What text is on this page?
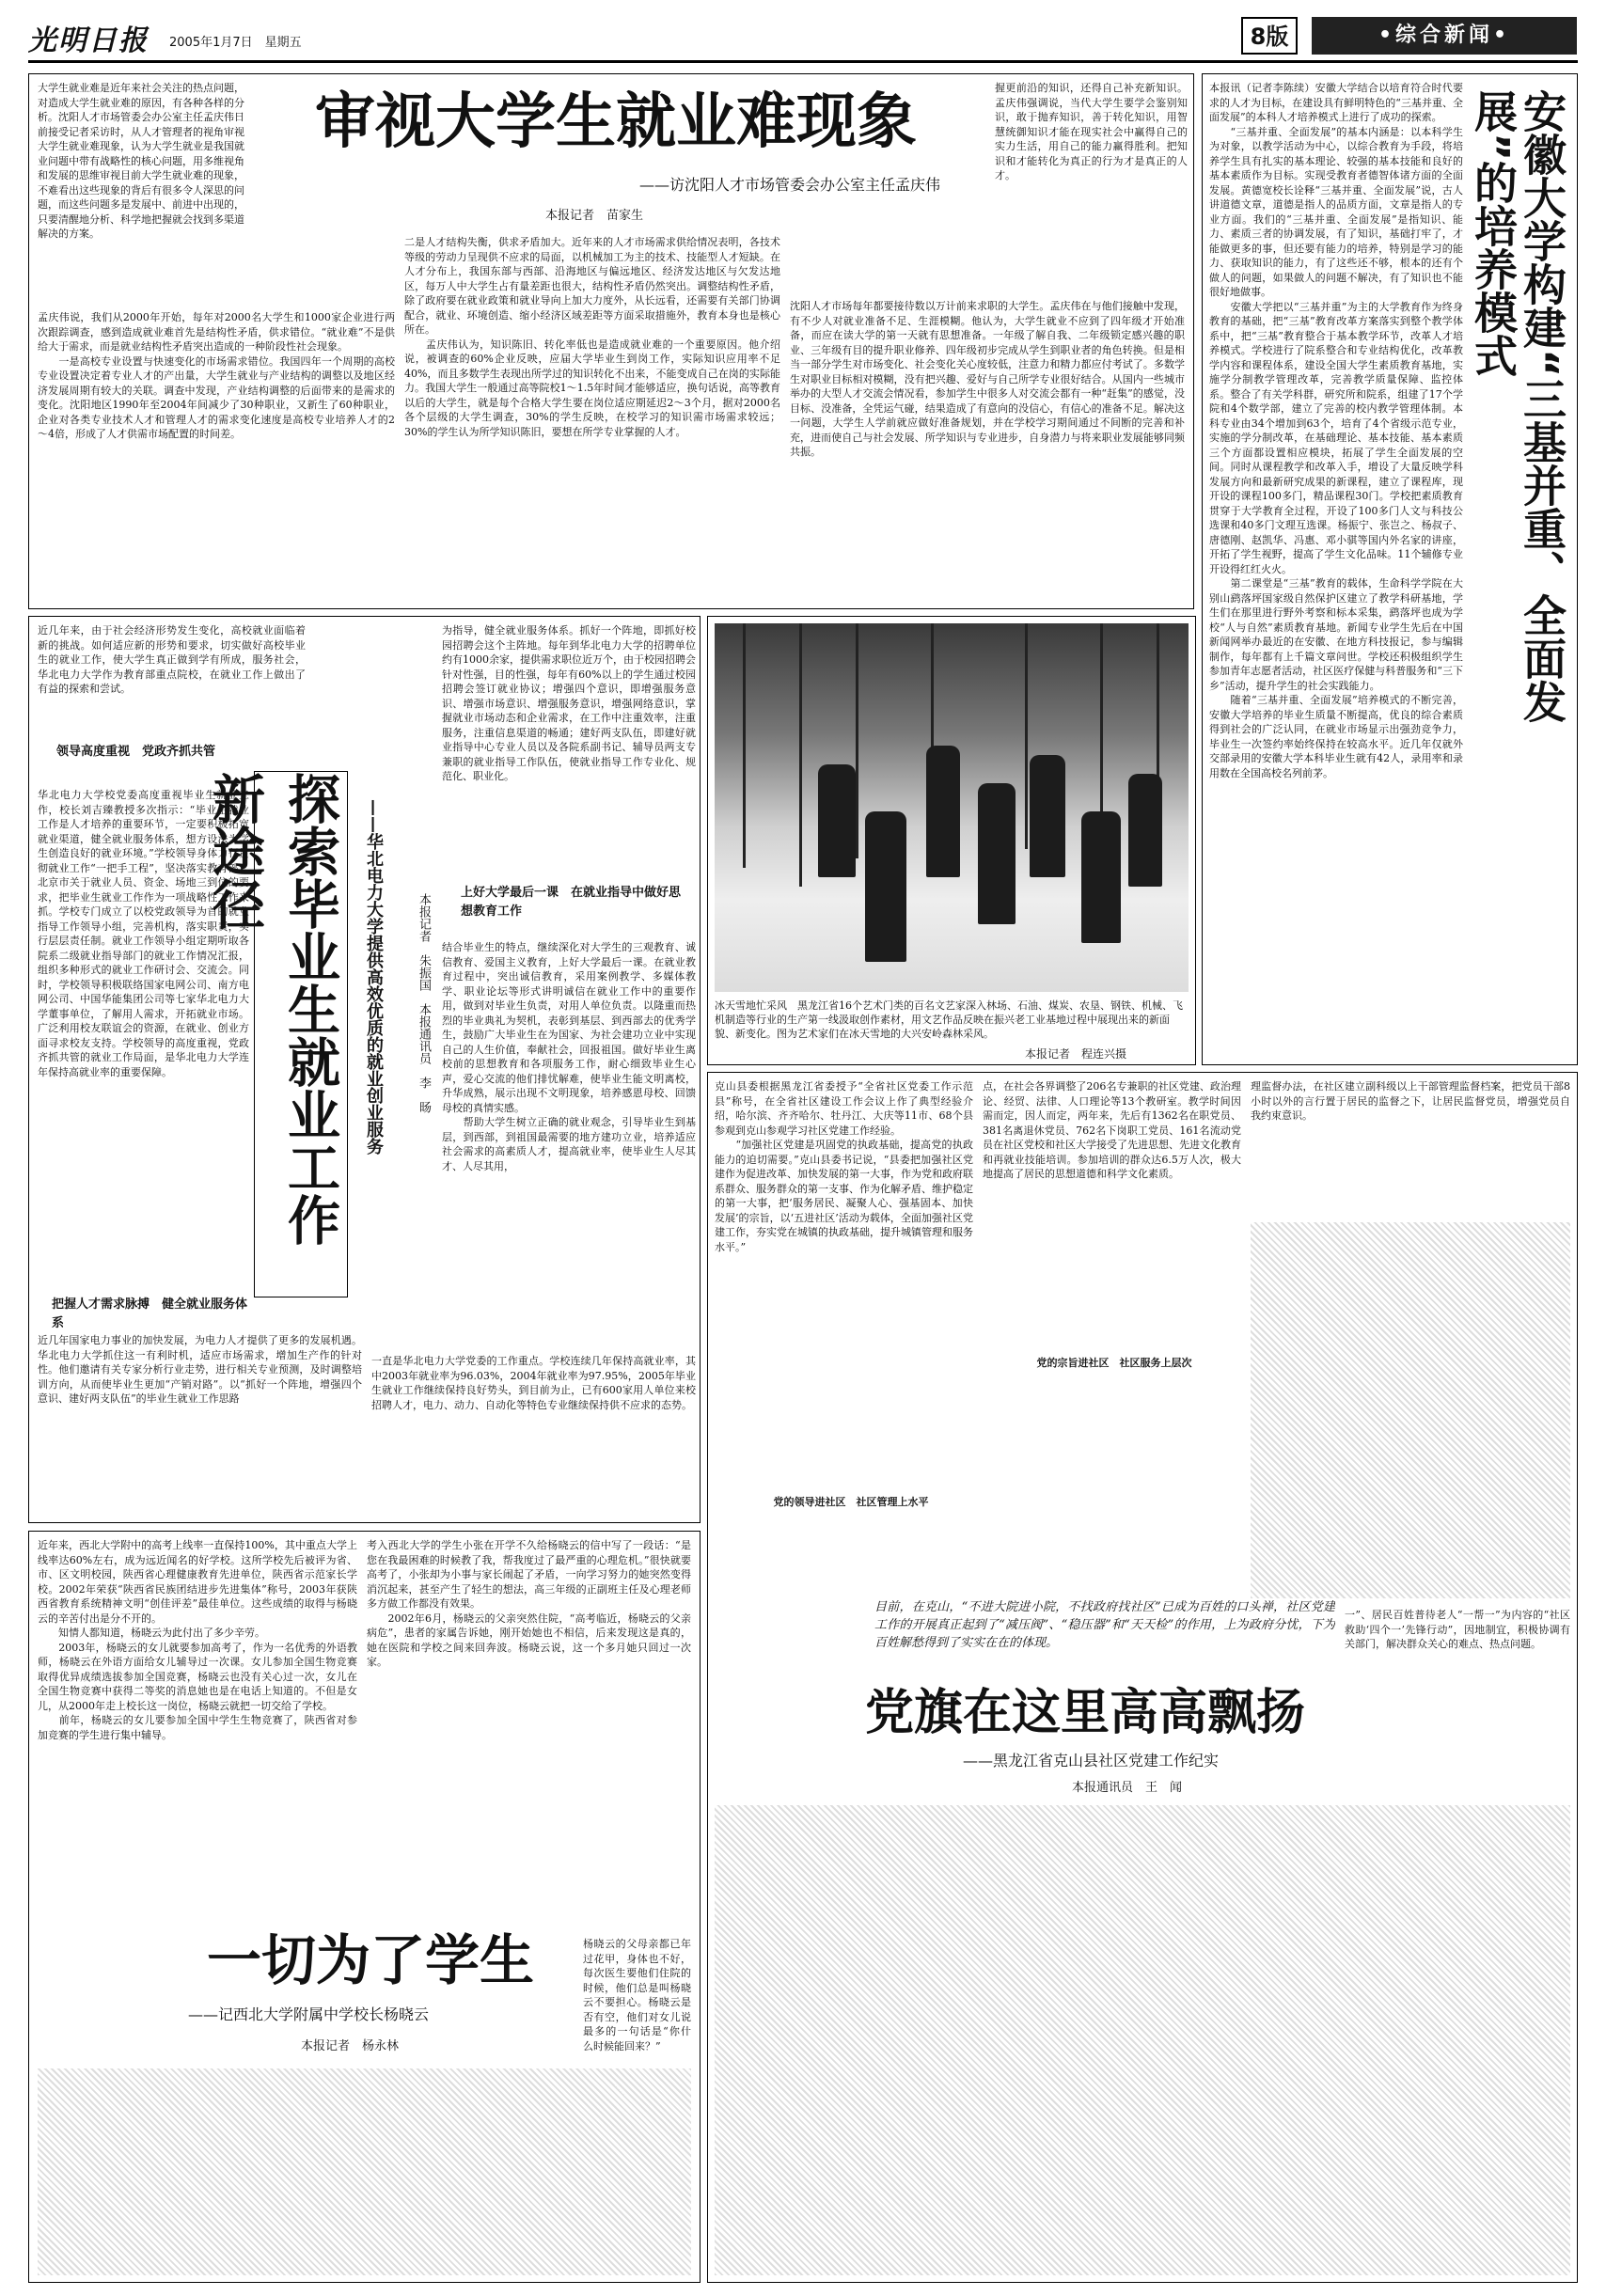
光明日报 2005年1月7日　 星期五	8版	•综合新闻•
大学生就业难是近年来社会关注的热点问题，对造成大学生就业难的原因，有各种各样的分析。沈阳人才市场管委会办公室主任孟庆伟日前接受记者采访时，从人才管理者的视角审视大学生就业难现象，认为大学生就业是我国就业问题中带有战略性的核心问题，用多维视角和发展的思维审视目前大学生就业难的现象，不难看出这些现象的背后有很多令人深思的问题，而这些问题多是发展中、前进中出现的，只要清醒地分析、科学地把握就会找到多渠道解决的方案。
审视大学生就业难现象
——访沈阳人才市场管委会办公室主任孟庆伟
本报记者　苗家生
握更前沿的知识，还得自己补充新知识。孟庆伟强调说，当代大学生要学会鉴别知识，敢于抛弃知识，善于转化知识，用智慧统御知识才能在现实社会中赢得自己的实力生活，用自己的能力赢得胜利。把知识和才能转化为真正的行为才是真正的人才。
孟庆伟说，我们从2000年开始，每年对2000名大学生和1000家企业进行两次跟踪调查，感到造成就业难首先是结构性矛盾，供求错位。“就业难”不是供给大于需求，而是就业结构性矛盾突出造成的一种阶段性社会现象。
　　一是高校专业设置与快速变化的市场需求错位。我国四年一个周期的高校专业设置决定着专业人才的产出量，大学生就业与产业结构的调整以及地区经济发展周期有较大的关联。调查中发现，产业结构调整的后面带来的是需求的变化。沈阳地区1990年至2004年间减少了30种职业，又新生了60种职业，企业对各类专业技术人才和管理人才的需求变化速度是高校专业培养人才的2～4倍，形成了人才供需市场配置的时间差。
二是人才结构失衡，供求矛盾加大。近年来的人才市场需求供给情况表明，各技术等级的劳动力呈现供不应求的局面，以机械加工为主的技术、技能型人才短缺。在人才分布上，我国东部与西部、沿海地区与偏远地区、经济发达地区与欠发达地区，每万人中大学生占有量差距也很大，结构性矛盾仍然突出。调整结构性矛盾，除了政府要在就业政策和就业导向上加大力度外，从长远看，还需要有关部门协调配合，就业、环境创造、缩小经济区域差距等方面采取措施外，教育本身也是核心所在。
　　孟庆伟认为，知识陈旧、转化率低也是造成就业难的一个重要原因。他介绍说，被调查的60%企业反映，应届大学毕业生到岗工作，实际知识应用率不足40%，而且多数学生表现出所学过的知识转化不出来，不能变成自己在岗的实际能力。我国大学生一般通过高等院校1～1.5年时间才能够适应，换句话说，高等教育以后的大学生，就是每个合格大学生要在岗位适应期延迟2～3个月，据对2000名各个层级的大学生调查，30%的学生反映，在校学习的知识需市场需求较远；30%的学生认为所学知识陈旧，要想在所学专业掌握的人才。
沈阳人才市场每年都要接待数以万计前来求职的大学生。孟庆伟在与他们接触中发现，有不少人对就业准备不足、生涯模糊。他认为，大学生就业不应到了四年级才开始准备，而应在读大学的第一天就有思想准备。一年级了解自我、二年级锁定感兴趣的职业、三年级有目的提升职业修养、四年级初步完成从学生到职业者的角色转换。但是相当一部分学生对市场变化、社会变化关心度较低，注意力和精力都应付考试了。多数学生对职业目标相对模糊，没有把兴趣、爱好与自己所学专业很好结合。从国内一些城市举办的大型人才交流会情况看，参加学生中很多人对交流会都有一种“赶集”的感觉，没目标、没准备，全凭运气碰，结果造成了有意向的没信心，有信心的准备不足。解决这一问题，大学生人学前就应做好准备规划，并在学校学习期间通过不间断的完善和补充，进而使自己与社会发展、所学知识与专业进步，自身潜力与将来职业发展能够同频共振。
本报讯（记者李陈续）安徽大学结合以培育符合时代要求的人才为目标，在建设具有鲜明特色的“三基并重、全面发展”的本科人才培养模式上进行了成功的探索。
　　“三基并重、全面发展”的基本内涵是：以本科学生为对象，以教学活动为中心，以综合教育为手段，将培养学生具有扎实的基本理论、较强的基本技能和良好的基本素质作为目标。实现受教育者德智体诸方面的全面发展。黄德宽校长诠释“三基并重、全面发展”说，古人讲道德文章，道德是指人的品质方面，文章是指人的专业方面。我们的“三基并重、全面发展”是指知识、能力、素质三者的协调发展，有了知识，基础打牢了，才能做更多的事，但还要有能力的培养，特别是学习的能力、获取知识的能力，有了这些还不够，根本的还有个做人的问题，如果做人的问题不解决，有了知识也不能很好地做事。
　　安徽大学把以“三基并重”为主的大学教育作为终身教育的基础，把“三基”教育改革方案落实到整个教学体系中，把“三基”教育整合于基本教学环节，改革人才培养模式。学校进行了院系整合和专业结构优化，改革教学内容和课程体系，建设全国大学生素质教育基地，实施学分制教学管理改革，完善教学质量保障、监控体系。整合了有关学科群，研究所和院系，组建了17个学院和4个数学部，建立了完善的校内教学管理体制。本科专业由34个增加到63个，培育了4个省级示范专业，实施的学分制改革，在基础理论、基本技能、基本素质三个方面都设置相应模块，拓展了学生全面发展的空间。同时从课程教学和改革入手，增设了大量反映学科发展方向和最新研究成果的新课程，建立了课程库，现开设的课程100多门，精品课程30门。学校把素质教育贯穿于大学教育全过程，开设了100多门人文与科技公选课和40多门文理互选课。杨振宁、张岂之、杨叔子、唐德刚、赵凯华、冯惠、邓小骐等国内外名家的讲座，开拓了学生视野，提高了学生文化品味。11个辅修专业开设得红红火火。
　　第二课堂是“三基”教育的载体，生命科学学院在大别山鹞落坪国家级自然保护区建立了教学科研基地，学生们在那里进行野外考察和标本采集，鹞落坪也成为学校“人与自然”素质教育基地。新闻专业学生先后在中国新闻网举办最近的在安徽、在地方科技报记，参与编辑制作，每年都有上千篇文章问世。学校还积极组织学生参加青年志愿者活动，社区医疗保健与科普服务和“三下乡”活动，提升学生的社会实践能力。
　　随着“三基并重、全面发展”培养模式的不断完善，安徽大学培养的毕业生质量不断提高，优良的综合素质得到社会的广泛认同，在就业市场显示出强劲竞争力，毕业生一次签约率始终保持在较高水平。近几年仅就外交部录用的安徽大学本科毕业生就有42人，录用率和录用数在全国高校名列前茅。
安徽大学构建“三基并重、全面发展”的培养模式
近几年来，由于社会经济形势发生变化，高校就业面临着新的挑战。如何适应新的形势和要求，切实做好高校毕业生的就业工作，使大学生真正做到学有所成，服务社会，华北电力大学作为教育部重点院校，在就业工作上做出了有益的探索和尝试。
领导高度重视　党政齐抓共管
华北电力大学校党委高度重视毕业生就业工作，校长刘吉臻教授多次指示：“毕业生就业工作是人才培养的重要环节，一定要积极拓宽就业渠道，健全就业服务体系，想方设法为学生创造良好的就业环境。”学校领导身体力行贯彻就业工作“一把手工程”，坚决落实教育部、北京市关于就业人员、资金、场地三到位的要求，把毕业生就业工作作为一项战略性工作来抓。学校专门成立了以校党政领导为首的就业指导工作领导小组，完善机构，落实职责，实行层层责任制。就业工作领导小组定期听取各院系二级就业指导部门的就业工作情况汇报，组织多种形式的就业工作研讨会、交流会。同时，学校领导积极联络国家电网公司、南方电网公司、中国华能集团公司等七家华北电力大学董事单位，了解用人需求，开拓就业市场。广泛利用校友联谊会的资源，在就业、创业方面寻求校友支持。学校领导的高度重视，党政齐抓共管的就业工作局面，是华北电力大学连年保持高就业率的重要保障。	探索毕业生就业工作新途径	——华北电力大学提供高效优质的就业创业服务	本报记者　朱振国　本报通讯员　李　旸
为指导，健全就业服务体系。抓好一个阵地，即抓好校园招聘会这个主阵地。每年到华北电力大学的招聘单位约有1000余家，提供需求职位近万个，由于校园招聘会针对性强，目的性强，每年有60%以上的学生通过校园招聘会签订就业协议；增强四个意识，即增强服务意识、增强市场意识、增强服务意识，增强网络意识，掌握就业市场动态和企业需求，在工作中注重效率，注重服务，注重信息渠道的畅通；建好两支队伍，即建好就业指导中心专业人员以及各院系副书记、辅导员两支专兼职的就业指导工作队伍，使就业指导工作专业化、规范化、职业化。
上好大学最后一课　在就业指导中做好思想教育工作
结合毕业生的特点，继续深化对大学生的三观教育、诚信教育、爱国主义教育，上好大学最后一课。在就业教育过程中，突出诚信教育，采用案例教学、多媒体教学、职业论坛等形式讲明诚信在就业工作中的重要作用，做到对毕业生负责，对用人单位负责。以隆重而热烈的毕业典礼为契机，表彰到基层、到西部去的优秀学生，鼓励广大毕业生在为国家、为社会建功立业中实现自己的人生价值，奉献社会，回报祖国。做好毕业生离校前的思想教育和各项服务工作，耐心细致毕业生心声，爱心交流的他们排忧解难，使毕业生能文明离校，升华成熟，展示出现不文明现象，培养感恩母校、回馈母校的真情实感。
　　帮助大学生树立正确的就业观念，引导毕业生到基层，到西部，到祖国最需要的地方建功立业，培养适应社会需求的高素质人才，提高就业率，使毕业生人尽其才、人尽其用，
把握人才需求脉搏　健全就业服务体系
近几年国家电力事业的加快发展，为电力人才提供了更多的发展机遇。华北电力大学抓住这一有利时机，适应市场需求，增加生产作的针对性。他们邀请有关专家分析行业走势，进行相关专业预测，及时调整培训方向，从而使毕业生更加“产销对路”。以“抓好一个阵地，增强四个意识、建好两支队伍”的毕业生就业工作思路
一直是华北电力大学党委的工作重点。学校连续几年保持高就业率，其中2003年就业率为96.03%，2004年就业率为97.95%，2005年毕业生就业工作继续保持良好势头，到目前为止，已有600家用人单位来校招聘人才，电力、动力、自动化等特色专业继续保持供不应求的态势。
冰天雪地忙采风　黑龙江省16个艺术门类的百名文艺家深入林场、石油、煤炭、农垦、钢铁、机械、飞机制造等行业的生产第一线汲取创作素材，用文艺作品反映在振兴老工业基地过程中展现出来的新面貌、新变化。图为艺术家们在冰天雪地的大兴安岭森林采风。
本报记者　程连兴摄
近年来，西北大学附中的高考上线率一直保持100%，其中重点大学上线率达60%左右，成为远近闻名的好学校。这所学校先后被评为省、市、区文明校园，陕西省心理健康教育先进单位，陕西省示范家长学校。2002年荣获“陕西省民族团结进步先进集体”称号，2003年获陕西省教育系统精神文明“创佳评差”最佳单位。这些成绩的取得与杨晓云的辛苦付出是分不开的。
　　知情人都知道，杨晓云为此付出了多少辛劳。
　　2003年，杨晓云的女儿就要参加高考了，作为一名优秀的外语教师，杨晓云在外语方面给女儿辅导过一次课。女儿参加全国生物竞赛取得优异成绩选拔参加全国竞赛，杨晓云也没有关心过一次，女儿在全国生物竞赛中获得二等奖的消息她也是在电话上知道的。不但是女儿，从2000年走上校长这一岗位，杨晓云就把一切交给了学校。
　　前年，杨晓云的女儿要参加全国中学生生物竞赛了，陕西省对参加竞赛的学生进行集中辅导。
考入西北大学的学生小张在开学不久给杨晓云的信中写了一段话：“是您在我最困难的时候教了我，帮我度过了最严重的心理危机。”很快就要高考了，小张却为小事与家长闹起了矛盾，一向学习努力的她突然变得消沉起来，甚至产生了轻生的想法，高三年级的正副班主任及心理老师多方做工作都没有效果。
　　2002年6月，杨晓云的父亲突然住院，“高考临近，杨晓云的父亲病危”，患者的家属告诉她，刚开始她也不相信，后来发现这是真的，她在医院和学校之间来回奔波。杨晓云说，这一个多月她只回过一次家。
一切为了学生
——记西北大学附属中学校长杨晓云
本报记者　杨永林
杨晓云的父母亲都已年过花甲，身体也不好，每次医生要他们住院的时候，他们总是叫杨晓云不要担心。杨晓云是否有空，他们对女儿说最多的一句话是“你什么时候能回来？”
克山县委根据黑龙江省委授予“全省社区党委工作示范县”称号，在全省社区建设工作会议上作了典型经验介绍，哈尔滨、齐齐哈尔、牡丹江、大庆等11市、68个县参观到克山参观学习社区党建工作经验。
　　“加强社区党建是巩固党的执政基础，提高党的执政能力的迫切需要。”克山县委书记说，“县委把加强社区党建作为促进改革、加快发展的第一大事，作为党和政府联系群众、服务群众的第一支事、作为化解矛盾、维护稳定的第一大事，把‘服务居民、凝聚人心、强基固本、加快发展’的宗旨，以‘五进社区’活动为载体，全面加强社区党建工作，夯实党在城镇的执政基础，提升城镇管理和服务水平。”
党的领导进社区　社区管理上水平
点，在社会各界调整了206名专兼职的社区党建、政治理论、经贸、法律、人口理论等13个教研室。教学时间因需而定，因人而定，两年来，先后有1362名在职党员、381名离退休党员、762名下岗职工党员、161名流动党员在社区党校和社区大学接受了先进思想、先进文化教育和再就业技能培训。参加培训的群众达6.5万人次，极大地提高了居民的思想道德和科学文化素质。
党的宗旨进社区　社区服务上层次
理监督办法，在社区建立副科级以上干部管理监督档案，把党员干部8小时以外的言行置于居民的监督之下，让居民监督党员，增强党员自我约束意识。
目前，在克山，“不进大院进小院，不找政府找社区”已成为百姓的口头禅，社区党建工作的开展真正起到了“减压阀”、“稳压器”和“天天检”的作用，上为政府分忧，下为百姓解愁得到了实实在在的体现。
党旗在这里高高飘扬
——黑龙江省克山县社区党建工作纪实
本报通讯员　王　闻
一”、居民百姓普待老人“一帮一”为内容的“社区救助‘四个一’先锋行动”，因地制宜，积极协调有关部门，解决群众关心的难点、热点问题。
